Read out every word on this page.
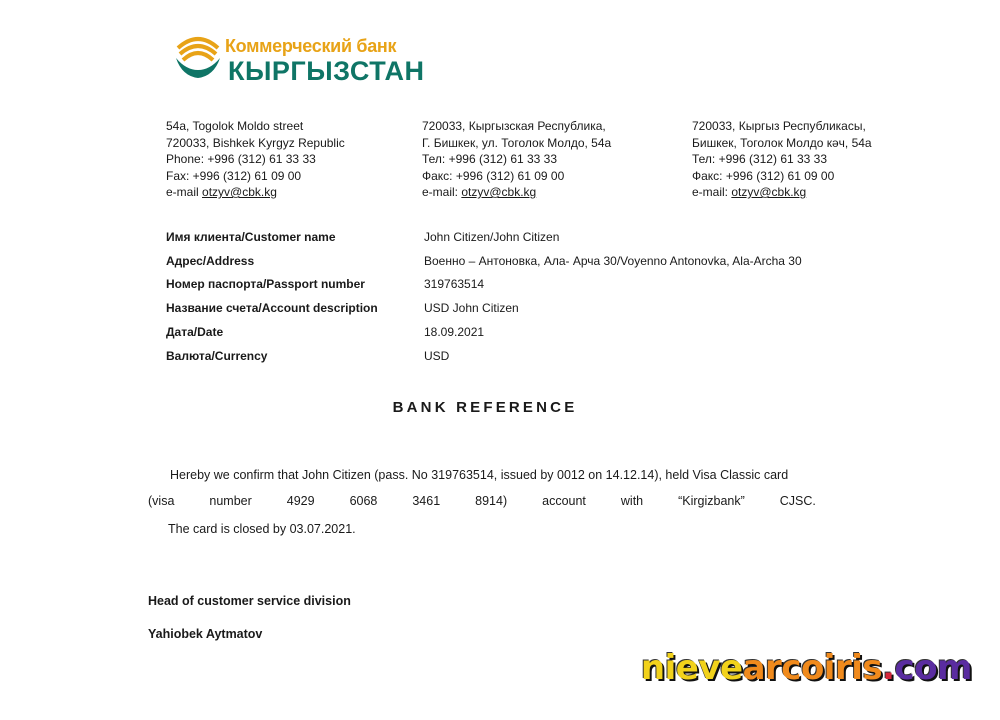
Коммерческий банк
КЫРГЫЗСТАН
54a, Togolok Moldo street
720033, Bishkek Kyrgyz Republic
Phone: +996 (312) 61 33 33
Fax: +996 (312) 61 09 00
e-mail otzyv@cbk.kg
720033, Кыргызская Республика,
Г. Бишкек, ул. Тоголок Молдо, 54а
Тел: +996 (312) 61 33 33
Факс: +996 (312) 61 09 00
e-mail: otzyv@cbk.kg
720033, Кыргыз Республикасы,
Бишкек, Тоголок Молдо кәч, 54а
Тел: +996 (312) 61 33 33
Факс: +996 (312) 61 09 00
e-mail: otzyv@cbk.kg
Имя клиента/Customer name	John Citizen/John Citizen
Адрес/Address	Военно – Антоновка, Ала- Арча 30/Voyenno Antonovka, Ala-Archa 30
Номер паспорта/Passport number	319763514
Название счета/Account description	USD John Citizen
Дата/Date	18.09.2021
Валюта/Currency	USD
BANK REFERENCE
Hereby we confirm that John Citizen (pass. No 319763514, issued by 0012 on 14.12.14), held Visa Classic card
(visa	number	4929	6068	3461	8914)	account	with	“Kirgizbank”	CJSC.
The card is closed by 03.07.2021.
Head of customer service division
Yahiobek Aytmatov
nievearcoiris.com
